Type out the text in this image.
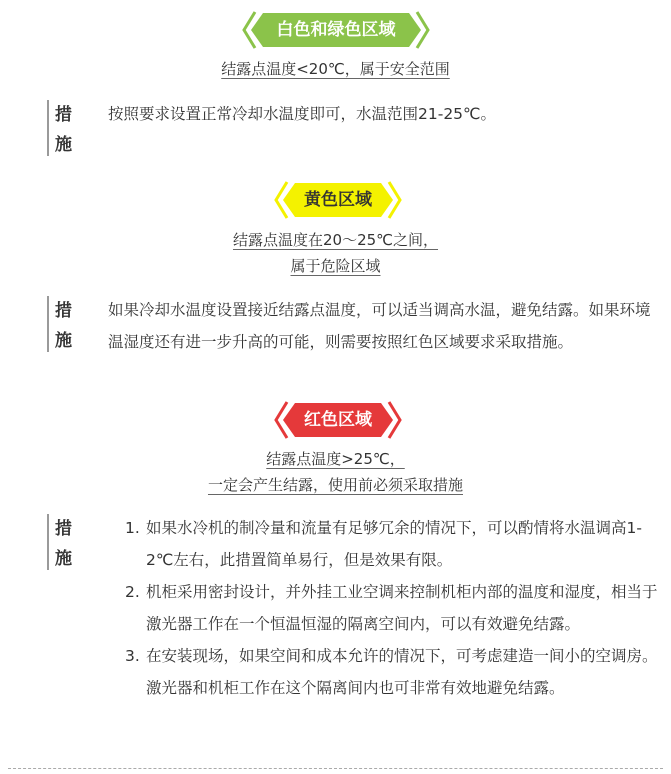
白色和绿色区域
结露点温度<20℃，属于安全范围
措
施
按照要求设置正常冷却水温度即可，水温范围21-25℃。
黄色区域
结露点温度在20～25℃之间，
属于危险区域
措
施
如果冷却水温度设置接近结露点温度，可以适当调高水温，避免结露。如果环境温湿度还有进一步升高的可能，则需要按照红色区域要求采取措施。
红色区域
结露点温度>25℃，
一定会产生结露，使用前必须采取措施
措
施
1. 如果水冷机的制冷量和流量有足够冗余的情况下，可以酌情将水温调高1-2℃左右，此措置简单易行，但是效果有限。
2. 机柜采用密封设计，并外挂工业空调来控制机柜内部的温度和湿度，相当于激光器工作在一个恒温恒湿的隔离空间内，可以有效避免结露。
3. 在安装现场，如果空间和成本允许的情况下，可考虑建造一间小的空调房。激光器和机柜工作在这个隔离间内也可非常有效地避免结露。
